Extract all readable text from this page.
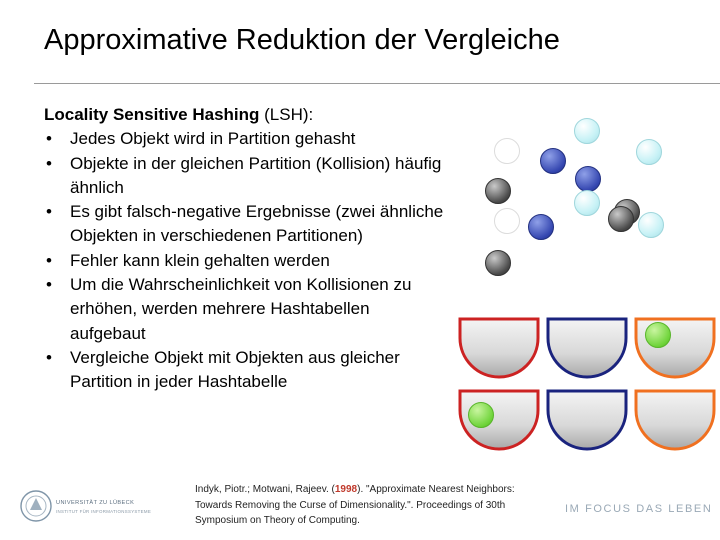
Approximative Reduktion der Vergleiche
Locality Sensitive Hashing (LSH):
• Jedes Objekt wird in Partition gehasht
• Objekte in der gleichen Partition (Kollision) häufig ähnlich
• Es gibt falsch-negative Ergebnisse (zwei ähnliche Objekten in verschiedenen Partitionen)
• Fehler kann klein gehalten werden
• Um die Wahrscheinlichkeit von Kollisionen zu erhöhen, werden mehrere Hashtabellen aufgebaut
• Vergleiche Objekt mit Objekten aus gleicher Partition in jeder Hashtabelle
UNIVERSITÄT ZU LÜBECK
INSTITUT FÜR INFORMATIONSSYSTEME
Indyk, Piotr.; Motwani, Rajeev. (1998). "Approximate Nearest Neighbors: Towards Removing the Curse of Dimensionality.". Proceedings of 30th Symposium on Theory of Computing.
IM FOCUS DAS LEBEN
